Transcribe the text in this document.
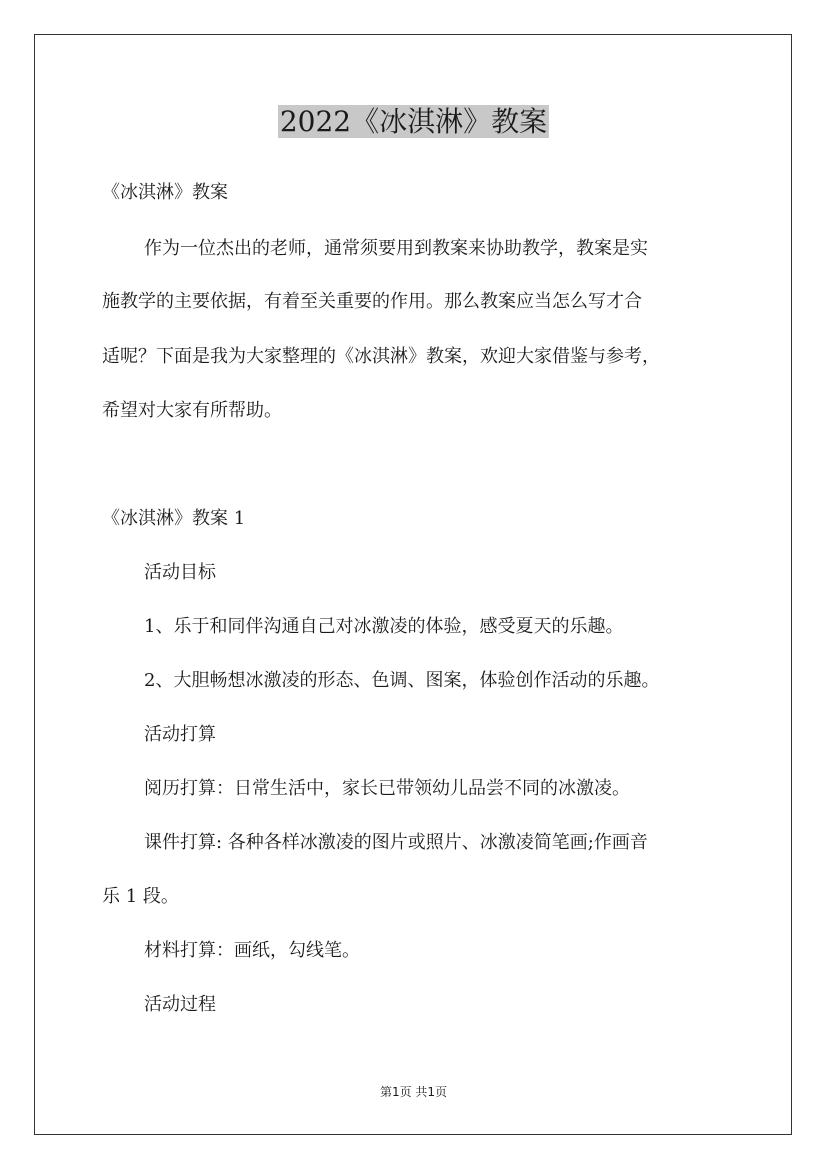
2022《冰淇淋》教案
《冰淇淋》教案
作为一位杰出的老师，通常须要用到教案来协助教学，教案是实
施教学的主要依据，有着至关重要的作用。那么教案应当怎么写才合
适呢？下面是我为大家整理的《冰淇淋》教案，欢迎大家借鉴与参考，
希望对大家有所帮助。
《冰淇淋》教案 1
活动目标
1、乐于和同伴沟通自己对冰激凌的体验，感受夏天的乐趣。
2、大胆畅想冰激凌的形态、色调、图案，体验创作活动的乐趣。
活动打算
阅历打算：日常生活中，家长已带领幼儿品尝不同的冰激凌。
课件打算: 各种各样冰激凌的图片或照片、冰激凌简笔画;作画音
乐 1 段。
材料打算：画纸，勾线笔。
活动过程
第1页 共1页
